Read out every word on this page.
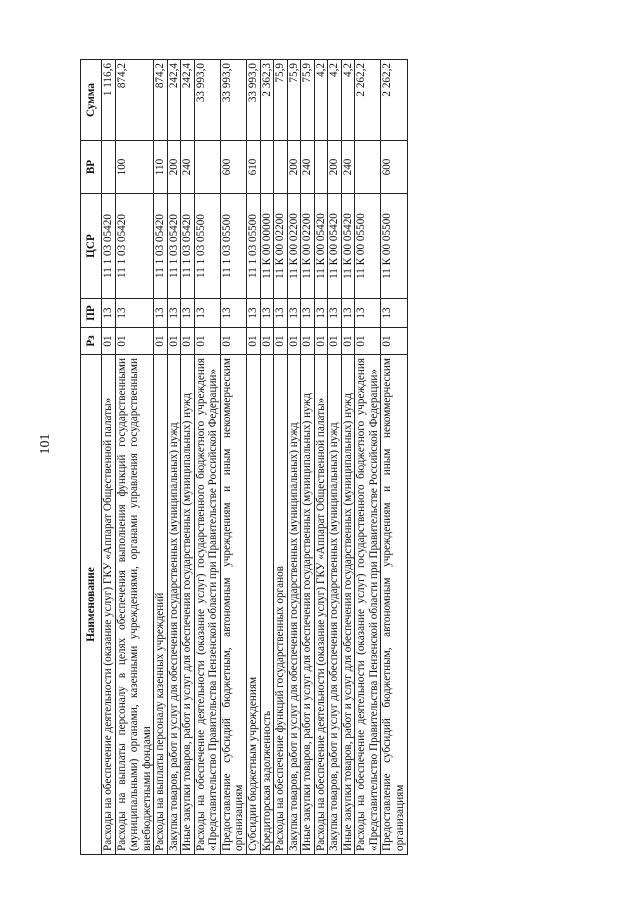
101
Наименование	Рз	ПР	ЦСР	ВР	Сумма
Расходы на обеспечение деятельности (оказание услуг) ГКУ «Аппарат Общественной палаты»	01	13	11 1 03 05420		1 116,6
Расходы на выплаты персоналу в целях обеспечения выполнения функций государственными (муниципальными) органами, казенными учреждениями, органами управления государственными внебюджетными фондами	01	13	11 1 03 05420	100	874,2
Расходы на выплаты персоналу казенных учреждений	01	13	11 1 03 05420	110	874,2
Закупка товаров, работ и услуг для обеспечения государственных (муниципальных) нужд	01	13	11 1 03 05420	200	242,4
Иные закупки товаров, работ и услуг для обеспечения государственных (муниципальных) нужд	01	13	11 1 03 05420	240	242,4
Расходы на обеспечение деятельности (оказание услуг) государственного бюджетного учреждения «Представительство Правительства Пензенской области при Правительстве Российской Федерации»	01	13	11 1 03 05500		33 993,0
Предоставление субсидий бюджетным, автономным учреждениям и иным некоммерческим организациям	01	13	11 1 03 05500	600	33 993,0
Субсидии бюджетным учреждениям	01	13	11 1 03 05500	610	33 993,0
Кредиторская задолженность	01	13	11 К 00 00000		2 362,3
Расходы на обеспечение функций государственных органов	01	13	11 К 00 02200		75,9
Закупка товаров, работ и услуг для обеспечения государственных (муниципальных) нужд	01	13	11 К 00 02200	200	75,9
Иные закупки товаров, работ и услуг для обеспечения государственных (муниципальных) нужд	01	13	11 К 00 02200	240	75,9
Расходы на обеспечение деятельности (оказание услуг) ГКУ «Аппарат Общественной палаты»	01	13	11 К 00 05420		4,2
Закупка товаров, работ и услуг для обеспечения государственных (муниципальных) нужд	01	13	11 К 00 05420	200	4,2
Иные закупки товаров, работ и услуг для обеспечения государственных (муниципальных) нужд	01	13	11 К 00 05420	240	4,2
Расходы на обеспечение деятельности (оказание услуг) государственного бюджетного учреждения «Представительство Правительства Пензенской области при Правительстве Российской Федерации»	01	13	11 К 00 05500		2 262,2
Предоставление субсидий бюджетным, автономным учреждениям и иным некоммерческим организациям	01	13	11 К 00 05500	600	2 262,2
